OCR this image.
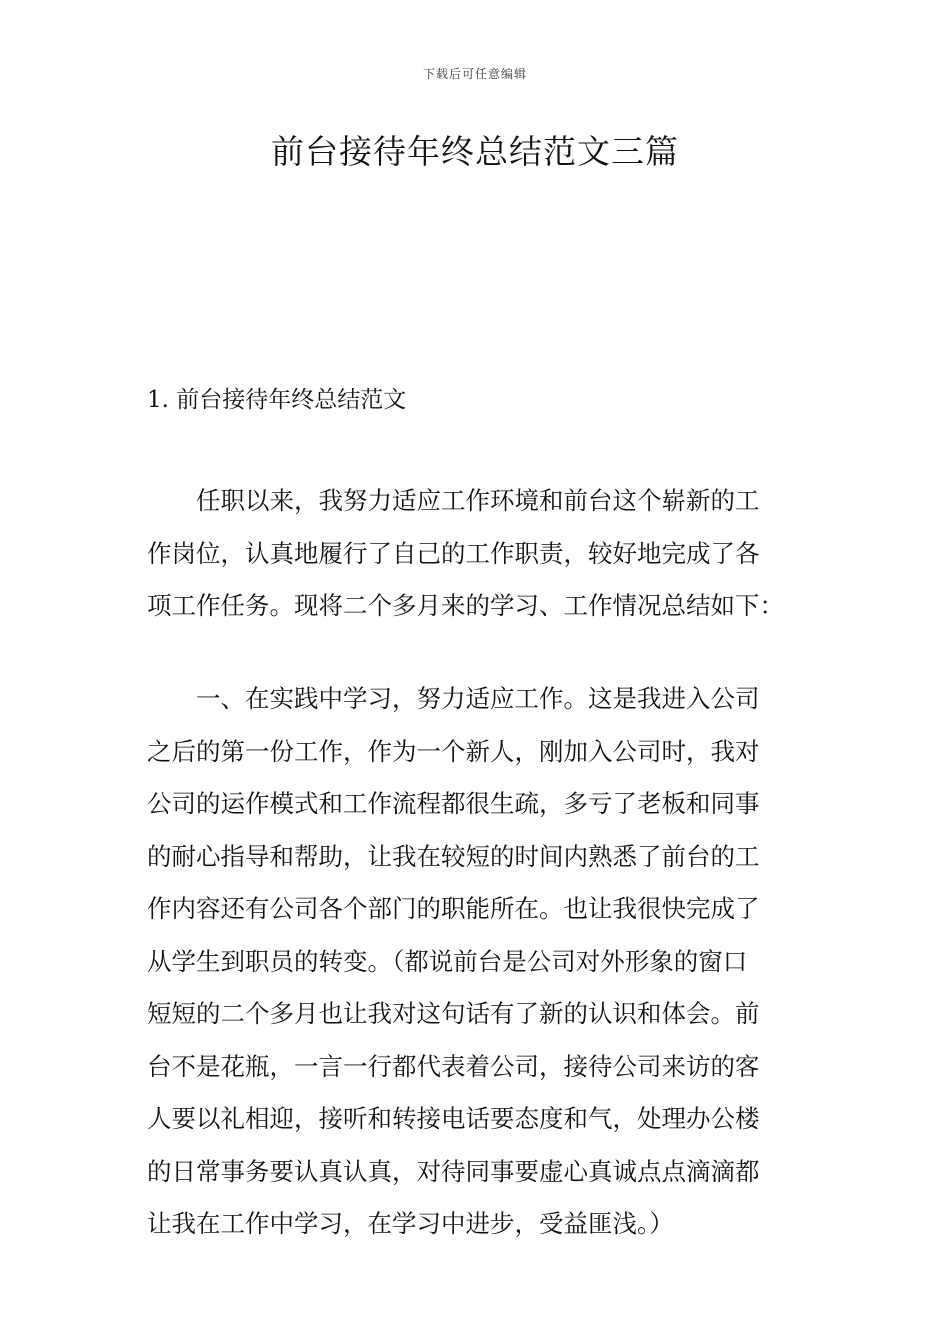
下载后可任意编辑
前台接待年终总结范文三篇
1. 前台接待年终总结范文
任职以来，我努力适应工作环境和前台这个崭新的工
作岗位，认真地履行了自己的工作职责，较好地完成了各
项工作任务。现将二个多月来的学习、工作情况总结如下：
一、在实践中学习，努力适应工作。这是我进入公司
之后的第一份工作，作为一个新人，刚加入公司时，我对
公司的运作模式和工作流程都很生疏，多亏了老板和同事
的耐心指导和帮助，让我在较短的时间内熟悉了前台的工
作内容还有公司各个部门的职能所在。也让我很快完成了
从学生到职员的转变。（都说前台是公司对外形象的窗口
短短的二个多月也让我对这句话有了新的认识和体会。前
台不是花瓶，一言一行都代表着公司，接待公司来访的客
人要以礼相迎，接听和转接电话要态度和气，处理办公楼
的日常事务要认真认真，对待同事要虚心真诚点点滴滴都
让我在工作中学习，在学习中进步，受益匪浅。）
